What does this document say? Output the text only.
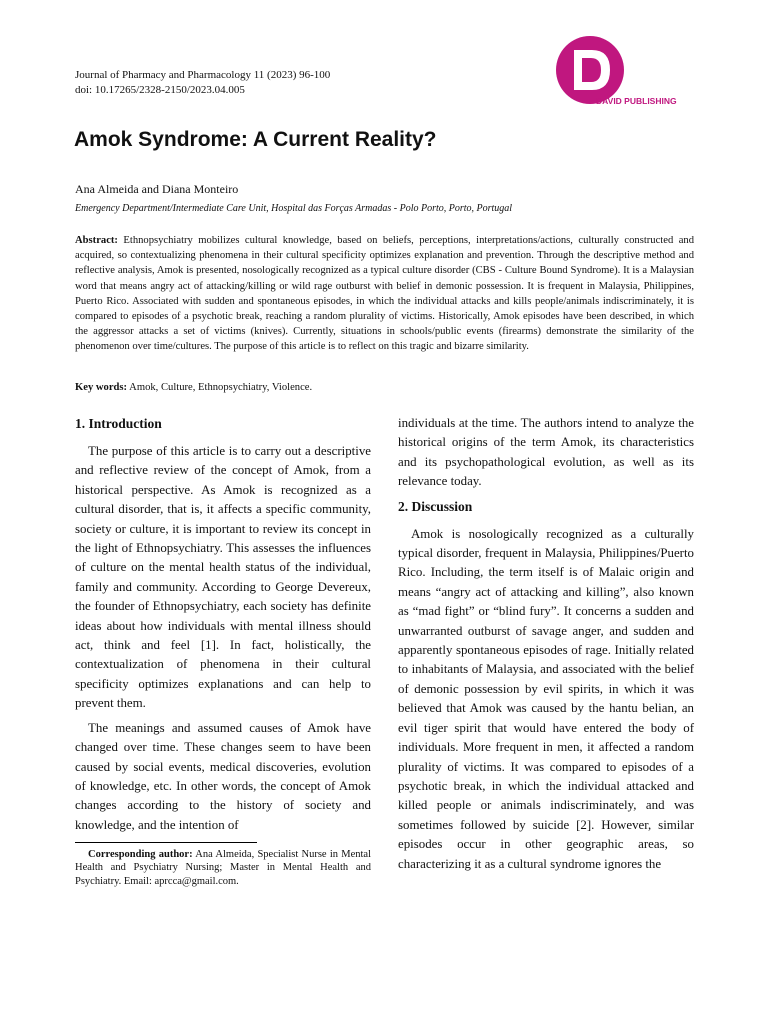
Journal of Pharmacy and Pharmacology 11 (2023) 96-100
doi: 10.17265/2328-2150/2023.04.005
DAVID PUBLISHING
Amok Syndrome: A Current Reality?
Ana Almeida and Diana Monteiro
Emergency Department/Intermediate Care Unit, Hospital das Forças Armadas - Polo Porto, Porto, Portugal
Abstract: Ethnopsychiatry mobilizes cultural knowledge, based on beliefs, perceptions, interpretations/actions, culturally constructed and acquired, so contextualizing phenomena in their cultural specificity optimizes explanation and prevention. Through the descriptive method and reflective analysis, Amok is presented, nosologically recognized as a typical culture disorder (CBS - Culture Bound Syndrome). It is a Malaysian word that means angry act of attacking/killing or wild rage outburst with belief in demonic possession. It is frequent in Malaysia, Philippines, Puerto Rico. Associated with sudden and spontaneous episodes, in which the individual attacks and kills people/animals indiscriminately, it is compared to episodes of a psychotic break, reaching a random plurality of victims. Historically, Amok episodes have been described, in which the aggressor attacks a set of victims (knives). Currently, situations in schools/public events (firearms) demonstrate the similarity of the phenomenon over time/cultures. The purpose of this article is to reflect on this tragic and bizarre similarity.
Key words: Amok, Culture, Ethnopsychiatry, Violence.
1. Introduction

The purpose of this article is to carry out a descriptive and reflective review of the concept of Amok, from a historical perspective. As Amok is recognized as a cultural disorder, that is, it affects a specific community, society or culture, it is important to review its concept in the light of Ethnopsychiatry. This assesses the influences of culture on the mental health status of the individual, family and community. According to George Devereux, the founder of Ethnopsychiatry, each society has definite ideas about how individuals with mental illness should act, think and feel [1]. In fact, holistically, the contextualization of phenomena in their cultural specificity optimizes explanations and can help to prevent them.

The meanings and assumed causes of Amok have changed over time. These changes seem to have been caused by social events, medical discoveries, evolution of knowledge, etc. In other words, the concept of Amok changes according to the history of society and knowledge, and the intention of

individuals at the time. The authors intend to analyze the historical origins of the term Amok, its characteristics and its psychopathological evolution, as well as its relevance today.

2. Discussion

Amok is nosologically recognized as a culturally typical disorder, frequent in Malaysia, Philippines/Puerto Rico. Including, the term itself is of Malaic origin and means “angry act of attacking and killing”, also known as “mad fight” or “blind fury”. It concerns a sudden and unwarranted outburst of savage anger, and sudden and apparently spontaneous episodes of rage. Initially related to inhabitants of Malaysia, and associated with the belief of demonic possession by evil spirits, in which it was believed that Amok was caused by the hantu belian, an evil tiger spirit that would have entered the body of individuals. More frequent in men, it affected a random plurality of victims. It was compared to episodes of a psychotic break, in which the individual attacked and killed people or animals indiscriminately, and was sometimes followed by suicide [2]. However, similar episodes occur in other geographic areas, so characterizing it as a cultural syndrome ignores the

Corresponding author: Ana Almeida, Specialist Nurse in Mental Health and Psychiatry Nursing; Master in Mental Health and Psychiatry. Email: aprcca@gmail.com.
